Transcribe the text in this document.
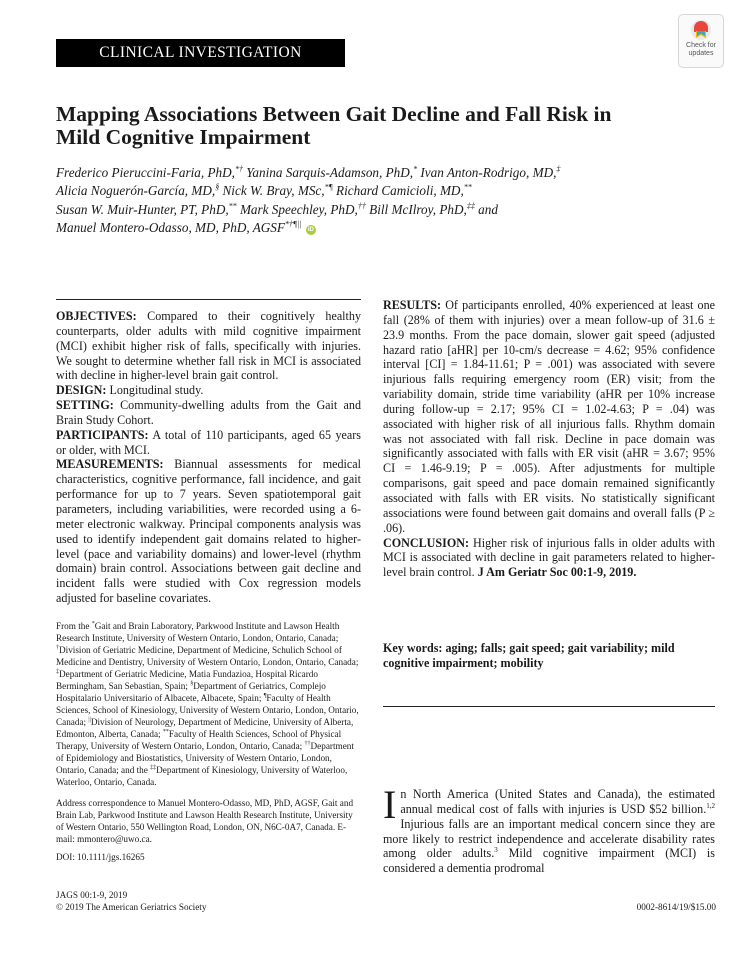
CLINICAL INVESTIGATION	Check for
updates
Mapping Associations Between Gait Decline and Fall Risk in
Mild Cognitive Impairment
Frederico Pieruccini-Faria, PhD,*† Yanina Sarquis-Adamson, PhD,* Ivan Anton-Rodrigo, MD,‡
Alicia Noguerón-García, MD,§ Nick W. Bray, MSc,*¶ Richard Camicioli, MD,**
Susan W. Muir-Hunter, PT, PhD,** Mark Speechley, PhD,†† Bill McIlroy, PhD,‡‡ and
Manuel Montero-Odasso, MD, PhD, AGSF*†¶|| iD

OBJECTIVES: Compared to their cognitively healthy counterparts, older adults with mild cognitive impairment (MCI) exhibit higher risk of falls, specifically with injuries. We sought to determine whether fall risk in MCI is associated with decline in higher-level brain gait control.

DESIGN: Longitudinal study.

SETTING: Community-dwelling adults from the Gait and Brain Study Cohort.

PARTICIPANTS: A total of 110 participants, aged 65 years or older, with MCI.

MEASUREMENTS: Biannual assessments for medical characteristics, cognitive performance, fall incidence, and gait performance for up to 7 years. Seven spatiotemporal gait parameters, including variabilities, were recorded using a 6-meter electronic walkway. Principal components analysis was used to identify independent gait domains related to higher-level (pace and variability domains) and lower-level (rhythm domain) brain control. Associations between gait decline and incident falls were studied with Cox regression models adjusted for baseline covariates.

RESULTS: Of participants enrolled, 40% experienced at least one fall (28% of them with injuries) over a mean follow-up of 31.6 ± 23.9 months. From the pace domain, slower gait speed (adjusted hazard ratio [aHR] per 10-cm/s decrease = 4.62; 95% confidence interval [CI] = 1.84-11.61; P = .001) was associated with severe injurious falls requiring emergency room (ER) visit; from the variability domain, stride time variability (aHR per 10% increase during follow-up = 2.17; 95% CI = 1.02-4.63; P = .04) was associated with higher risk of all injurious falls. Rhythm domain was not associated with fall risk. Decline in pace domain was significantly associated with falls with ER visit (aHR = 3.67; 95% CI = 1.46-9.19; P = .005). After adjustments for multiple comparisons, gait speed and pace domain remained significantly associated with falls with ER visits. No statistically significant associations were found between gait domains and overall falls (P ≥ .06).

CONCLUSION: Higher risk of injurious falls in older adults with MCI is associated with decline in gait parameters related to higher-level brain control. J Am Geriatr Soc 00:1-9, 2019.

Key words: aging; falls; gait speed; gait variability; mild cognitive impairment; mobility

From the *Gait and Brain Laboratory, Parkwood Institute and Lawson Health Research Institute, University of Western Ontario, London, Ontario, Canada; †Division of Geriatric Medicine, Department of Medicine, Schulich School of Medicine and Dentistry, University of Western Ontario, London, Ontario, Canada; ‡Department of Geriatric Medicine, Matia Fundazioa, Hospital Ricardo Bermingham, San Sebastian, Spain; §Department of Geriatrics, Complejo Hospitalario Universitario of Albacete, Albacete, Spain; ¶Faculty of Health Sciences, School of Kinesiology, University of Western Ontario, London, Ontario, Canada; ||Division of Neurology, Department of Medicine, University of Alberta, Edmonton, Alberta, Canada; **Faculty of Health Sciences, School of Physical Therapy, University of Western Ontario, London, Ontario, Canada; ††Department of Epidemiology and Biostatistics, University of Western Ontario, London, Ontario, Canada; and the ‡‡Department of Kinesiology, University of Waterloo, Waterloo, Ontario, Canada.

Address correspondence to Manuel Montero-Odasso, MD, PhD, AGSF, Gait and Brain Lab, Parkwood Institute and Lawson Health Research Institute, University of Western Ontario, 550 Wellington Road, London, ON, N6C-0A7, Canada. E-mail: mmontero@uwo.ca.

DOI: 10.1111/jgs.16265

In North America (United States and Canada), the estimated annual medical cost of falls with injuries is USD $52 billion.$^{1,2}$ Injurious falls are an important medical concern since they are more likely to restrict independence and accelerate disability rates among older adults.$^3$ Mild cognitive impairment (MCI) is considered a dementia prodromal
JAGS 00:1-9, 2019
© 2019 The American Geriatrics Society	0002-8614/19/$15.00
